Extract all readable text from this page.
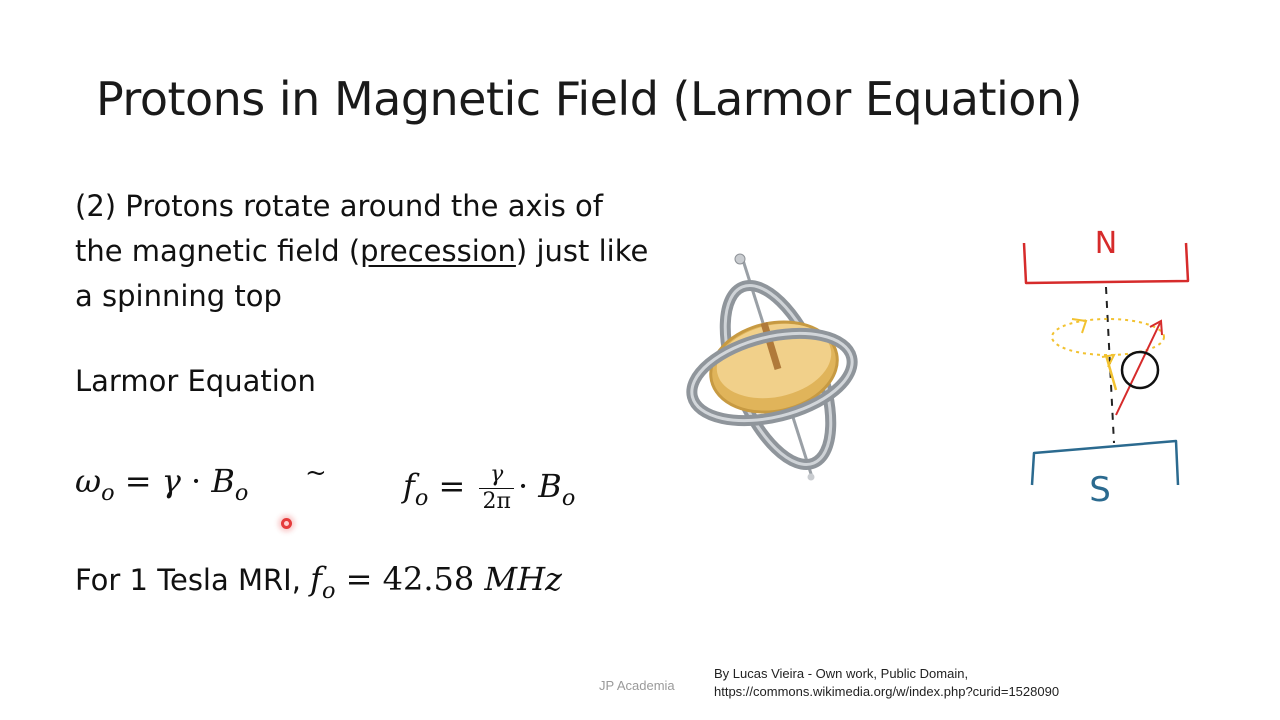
Protons in Magnetic Field (Larmor Equation)
(2) Protons rotate around the axis of the magnetic field (precession) just like a spinning top
Larmor Equation
$\omega_o = \gamma \cdot B_o$
~ $f_o = \frac{\gamma}{2\pi} \cdot B_o$
For 1 Tesla MRI, $f_o = 42.58$ MHz
N
S
JP Academia
By Lucas Vieira - Own work, Public Domain,
https://commons.wikimedia.org/w/index.php?curid=1528090
